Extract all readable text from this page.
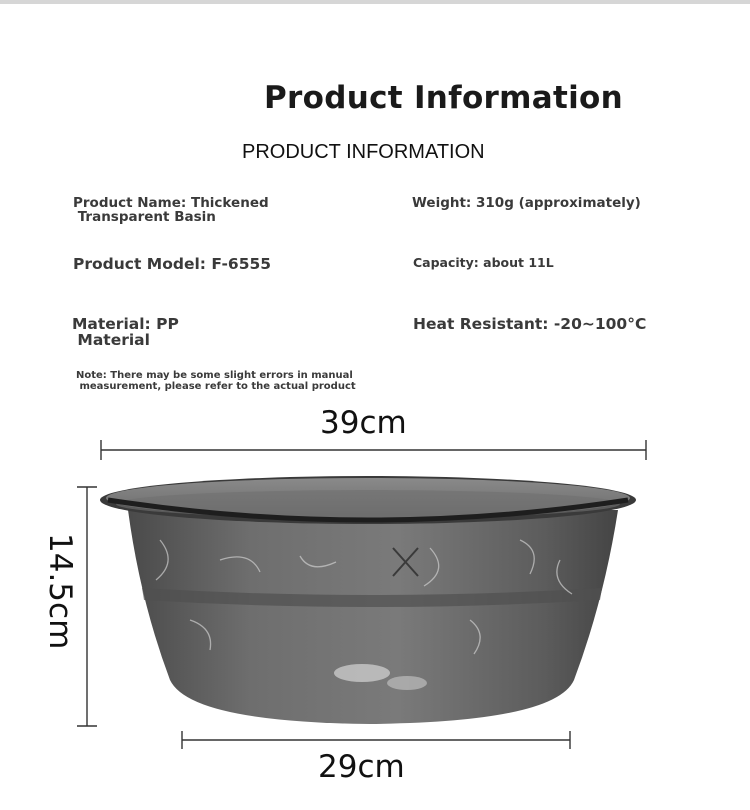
Product Information
PRODUCT INFORMATION
Product Name: Thickened
Transparent Basin
Product Model: F-6555
Material: PP
Material
Weight: 310g (approximately)
Capacity: about 11L
Heat Resistant: -20~100°C
Note: There may be some slight errors in manual
measurement, please refer to the actual product
39cm
29cm
14.5cm
